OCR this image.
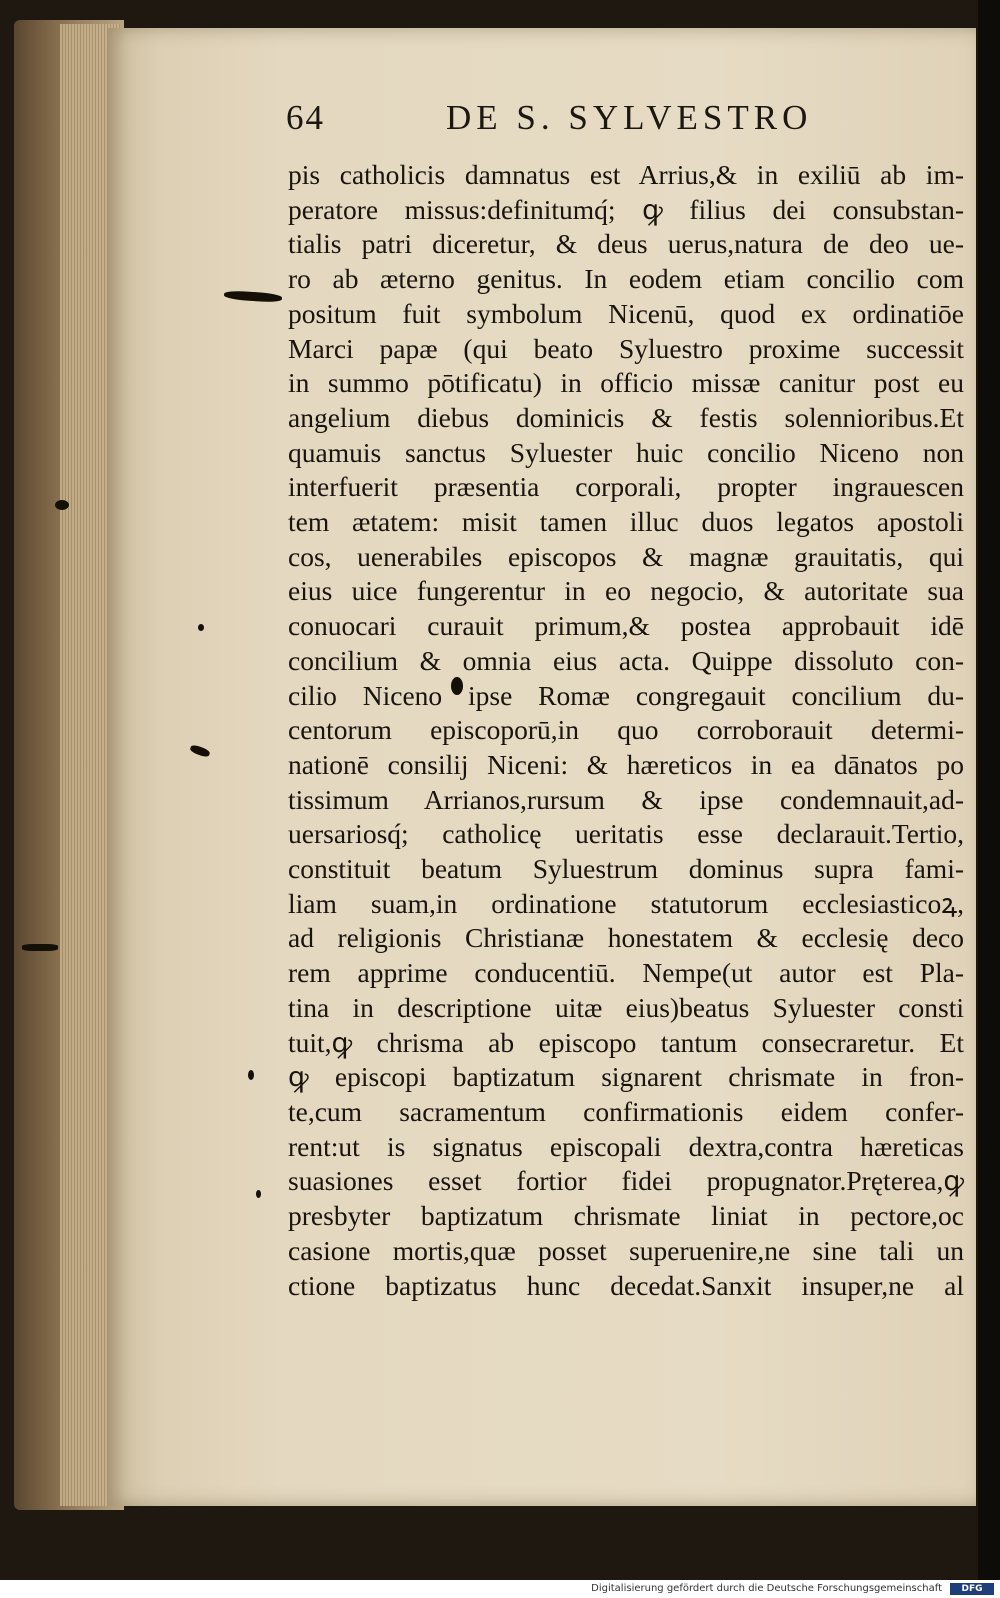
64	DE S. SYLVESTRO
pis catholicis damnatus est Arrius,& in exiliū ab im-
peratore missus:definitumq́; ꝙ filius dei consubstan-
tialis patri diceretur, & deus uerus,natura de deo ue-
ro ab æterno genitus. In eodem etiam concilio com
positum fuit symbolum Nicenū, quod ex ordinatiōe
Marci papæ (qui beato Syluestro proxime successit
in summo pōtificatu) in officio missæ canitur post eu
angelium diebus dominicis & festis solennioribus.Et
quamuis sanctus Syluester huic concilio Niceno non
interfuerit præsentia corporali, propter ingrauescen
tem ætatem: misit tamen illuc duos legatos apostoli
cos, uenerabiles episcopos & magnæ grauitatis, qui
eius uice fungerentur in eo negocio, & autoritate sua
conuocari curauit primum,& postea approbauit idē
concilium & omnia eius acta. Quippe dissoluto con-
cilio Niceno ipse Romæ congregauit concilium du-
centorum episcoporū,in quo corroborauit determi-
nationē consilij Niceni: & hæreticos in ea dānatos po
tissimum Arrianos,rursum & ipse condemnauit,ad-
uersariosq́; catholicę ueritatis esse declarauit.Tertio,
constituit beatum Syluestrum dominus supra fami-
liam suam,in ordinatione statutorum ecclesiasticoꝝ,
ad religionis Christianæ honestatem & ecclesię deco
rem apprime conducentiū. Nempe(ut autor est Pla-
tina in descriptione uitæ eius)beatus Syluester consti
tuit,ꝙ chrisma ab episcopo tantum consecraretur. Et
ꝙ episcopi baptizatum signarent chrismate in fron-
te,cum sacramentum confirmationis eidem confer-
rent:ut is signatus episcopali dextra,contra hæreticas
suasiones esset fortior fidei propugnator.Pręterea,ꝙ
presbyter baptizatum chrismate liniat in pectore,oc
casione mortis,quæ posset superuenire,ne sine tali un
ctione baptizatus hunc decedat.Sanxit insuper,ne al
Digitalisierung gefördert durch die Deutsche Forschungsgemeinschaft	DFG
